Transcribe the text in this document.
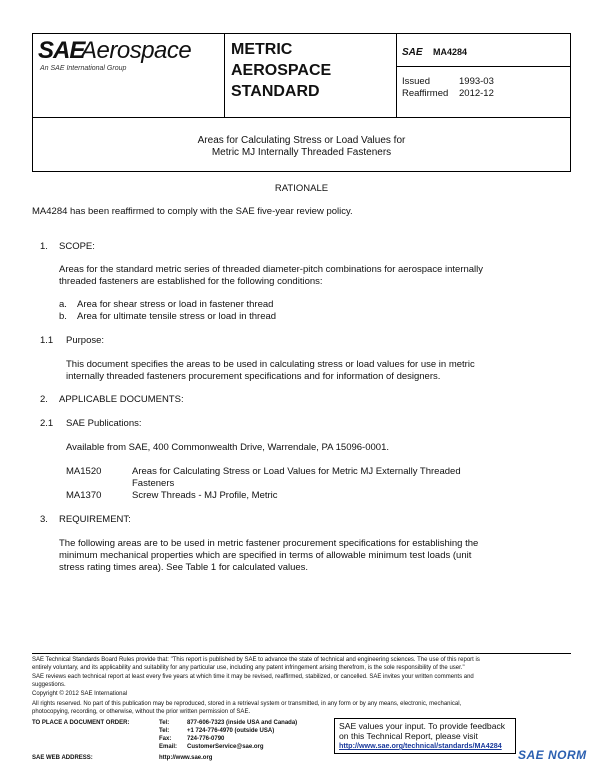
SAE
Aerospace
An SAE International Group
METRIC
AEROSPACE
STANDARD
SAE MA4284
Issued	1993-03
Reaffirmed 2012-12
Areas for Calculating Stress or Load Values for
Metric MJ Internally Threaded Fasteners
RATIONALE
MA4284 has been reaffirmed to comply with the SAE five-year review policy.
1. SCOPE:
Areas for the standard metric series of threaded diameter-pitch combinations for aerospace internally
threaded fasteners are established for the following conditions:
a. Area for shear stress or load in fastener thread
b. Area for ultimate tensile stress or load in thread
1.1 Purpose:
This document specifies the areas to be used in calculating stress or load values for use in metric
internally threaded fasteners procurement specifications and for information of designers.
2. APPLICABLE DOCUMENTS:
2.1 SAE Publications:
Available from SAE, 400 Commonwealth Drive, Warrendale, PA 15096-0001.
MA1520	Areas for Calculating Stress or Load Values for Metric MJ Externally Threaded
Fasteners
MA1370	Screw Threads - MJ Profile, Metric
3. REQUIREMENT:
The following areas are to be used in metric fastener procurement specifications for establishing the
minimum mechanical properties which are specified in terms of allowable minimum test loads (unit
stress rating times area). See Table 1 for calculated values.
SAE Technical Standards Board Rules provide that: "This report is published by SAE to advance the state of technical and engineering sciences. The use of this report is
entirely voluntary, and its applicability and suitability for any particular use, including any patent infringement arising therefrom, is the sole responsibility of the user."
SAE reviews each technical report at least every five years at which time it may be revised, reaffirmed, stabilized, or cancelled. SAE invites your written comments and
suggestions.
Copyright © 2012 SAE International
All rights reserved. No part of this publication may be reproduced, stored in a retrieval system or transmitted, in any form or by any means, electronic, mechanical,
photocopying, recording, or otherwise, without the prior written permission of SAE.
TO PLACE A DOCUMENT ORDER:	Tel:	877-606-7323 (inside USA and Canada)
Tel:	+1 724-776-4970 (outside USA)
Fax:	724-776-0790
Email: CustomerService@sae.org
SAE WEB ADDRESS:	http://www.sae.org
SAE values your input. To provide feedback
on this Technical Report, please visit
http://www.sae.org/technical/standards/MA4284
SAE NORM
